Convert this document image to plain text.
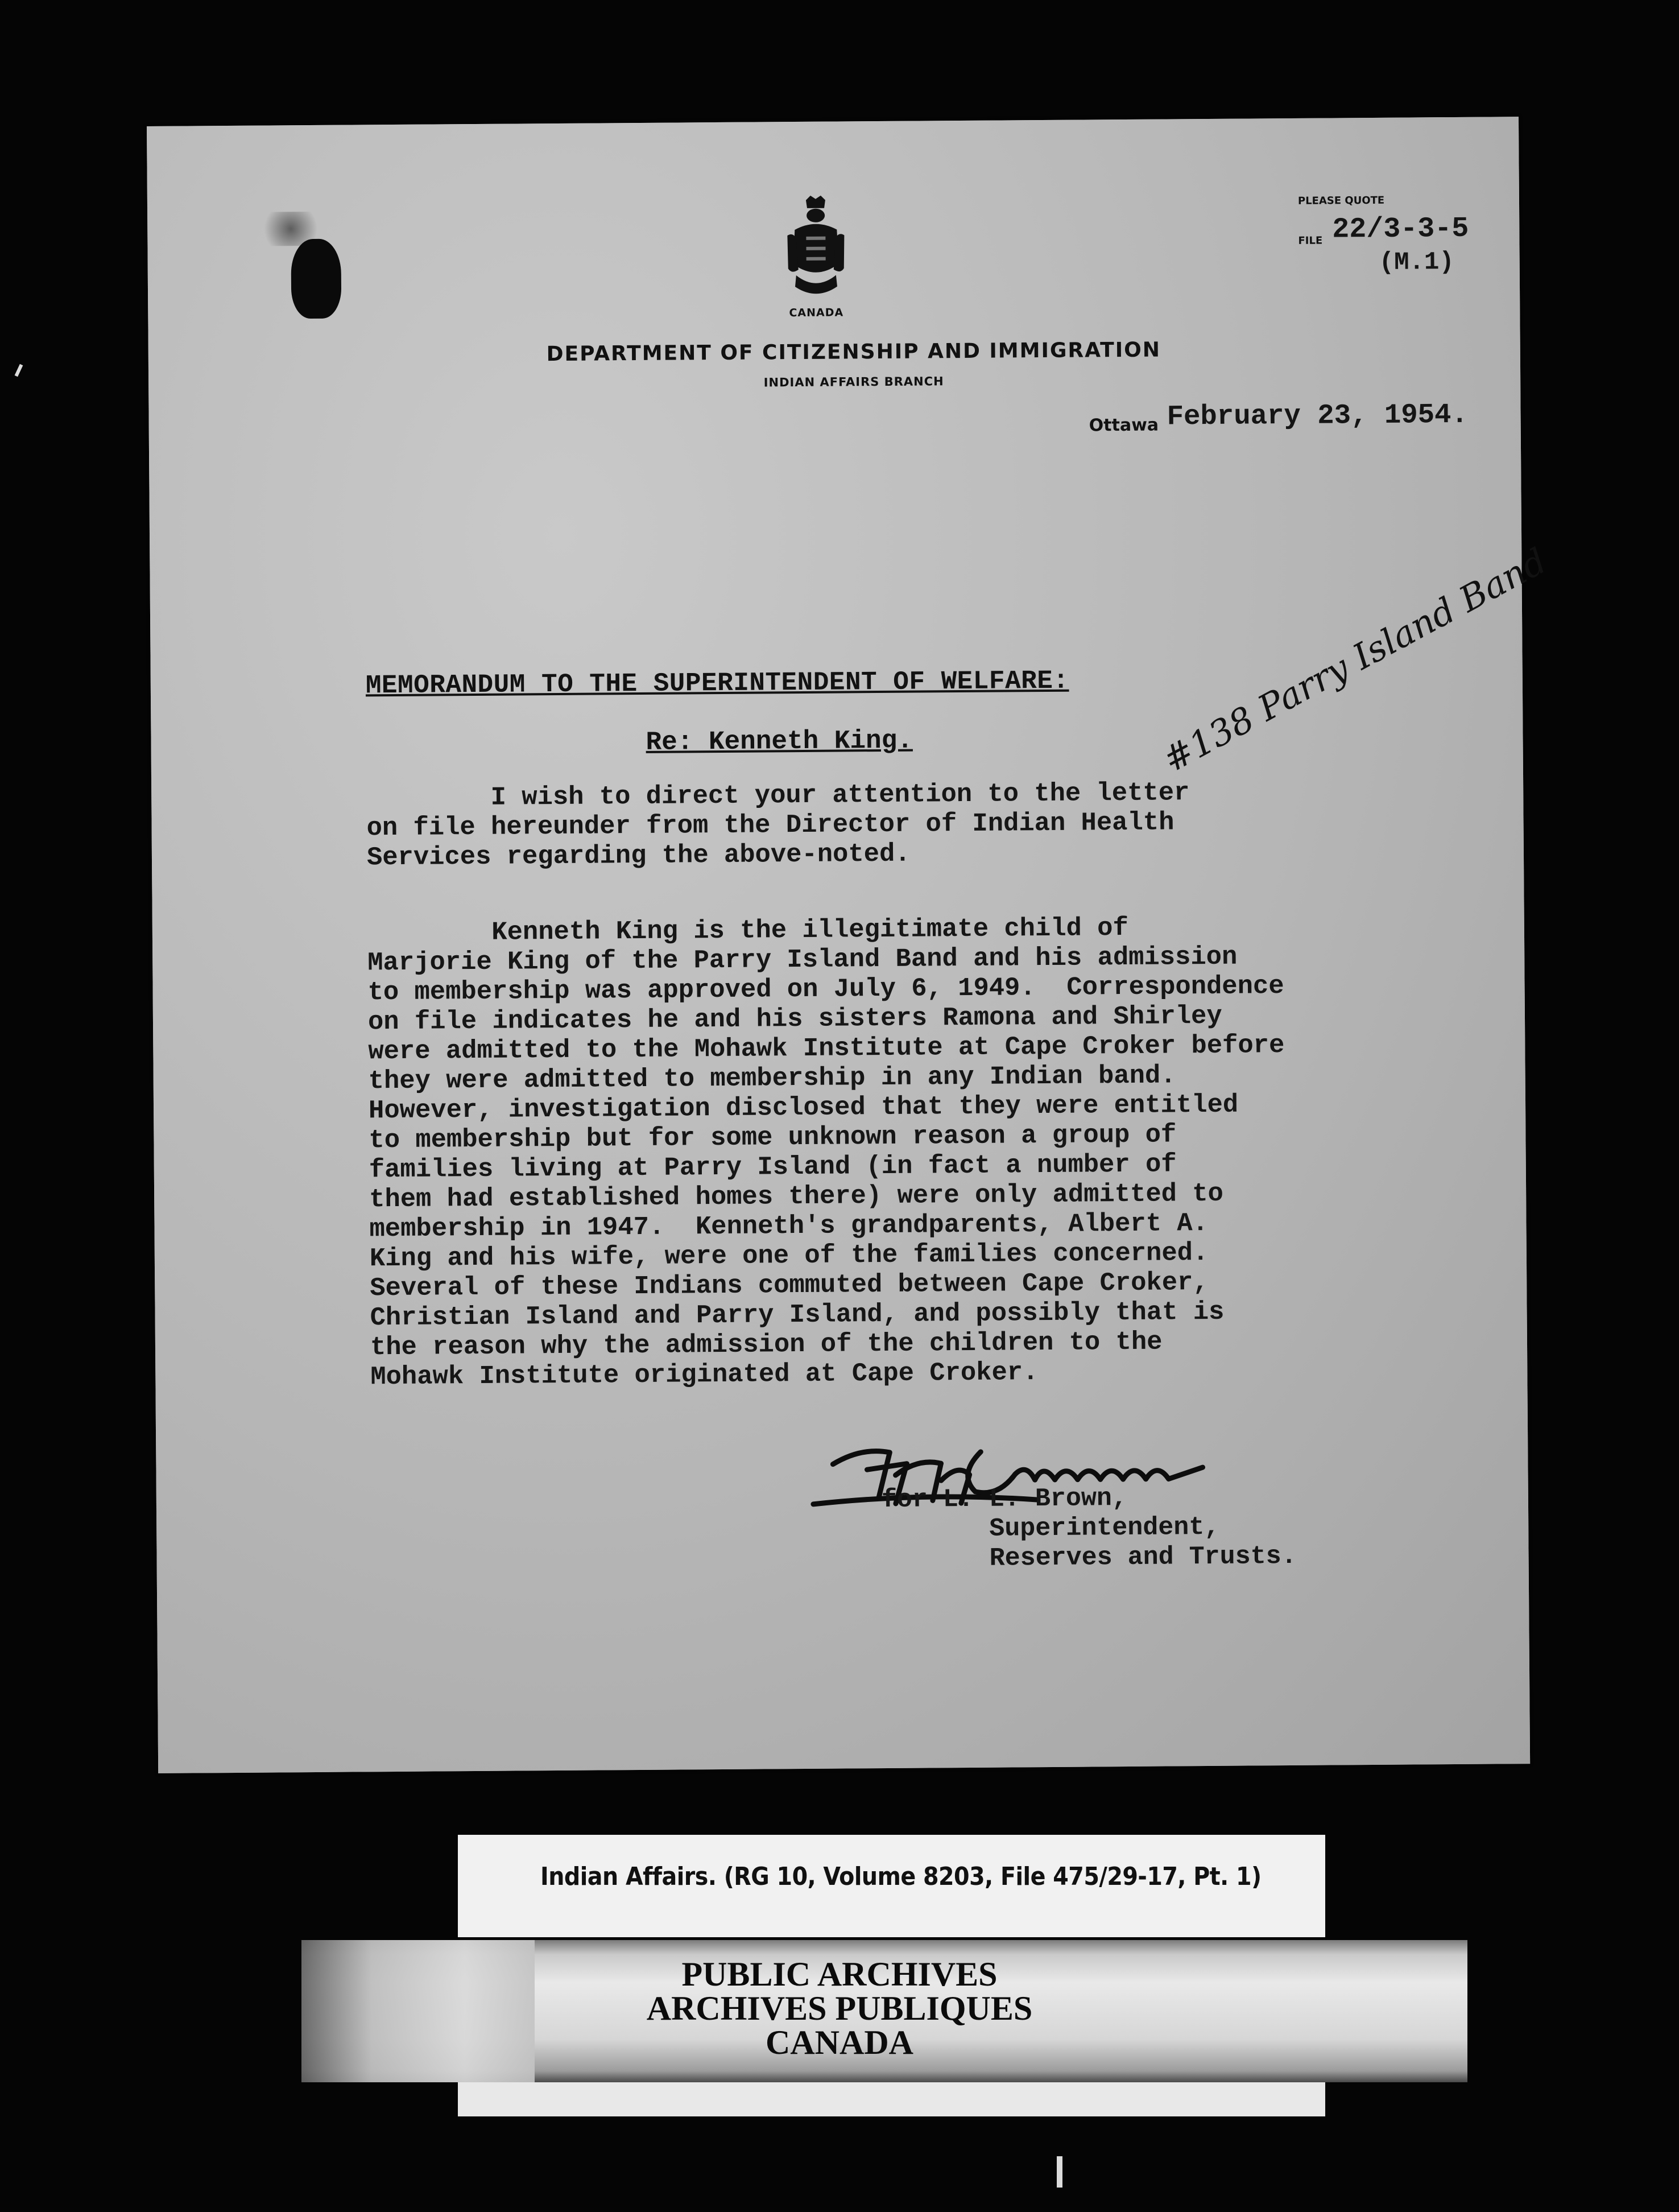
CANADA
DEPARTMENT OF CITIZENSHIP AND IMMIGRATION
INDIAN AFFAIRS BRANCH
PLEASE QUOTE
FILE 22/3-3-5
(M.1)
Ottawa February 23, 1954.
MEMORANDUM TO THE SUPERINTENDENT OF WELFARE:
Re: Kenneth King.	#138 Parry Island Band
I wish to direct your attention to the letter
on file hereunder from the Director of Indian Health
Services regarding the above-noted.
Kenneth King is the illegitimate child of
Marjorie King of the Parry Island Band and his admission
to membership was approved on July 6, 1949.  Correspondence
on file indicates he and his sisters Ramona and Shirley
were admitted to the Mohawk Institute at Cape Croker before
they were admitted to membership in any Indian band.
However, investigation disclosed that they were entitled
to membership but for some unknown reason a group of
families living at Parry Island (in fact a number of
them had established homes there) were only admitted to
membership in 1947.  Kenneth's grandparents, Albert A.
King and his wife, were one of the families concerned.
Several of these Indians commuted between Cape Croker,
Christian Island and Parry Island, and possibly that is
the reason why the admission of the children to the
Mohawk Institute originated at Cape Croker.
for L. L. Brown,
Superintendent,
Reserves and Trusts.
Indian Affairs. (RG 10, Volume 8203, File 475/29-17, Pt. 1)
PUBLIC ARCHIVES
ARCHIVES PUBLIQUES
CANADA
